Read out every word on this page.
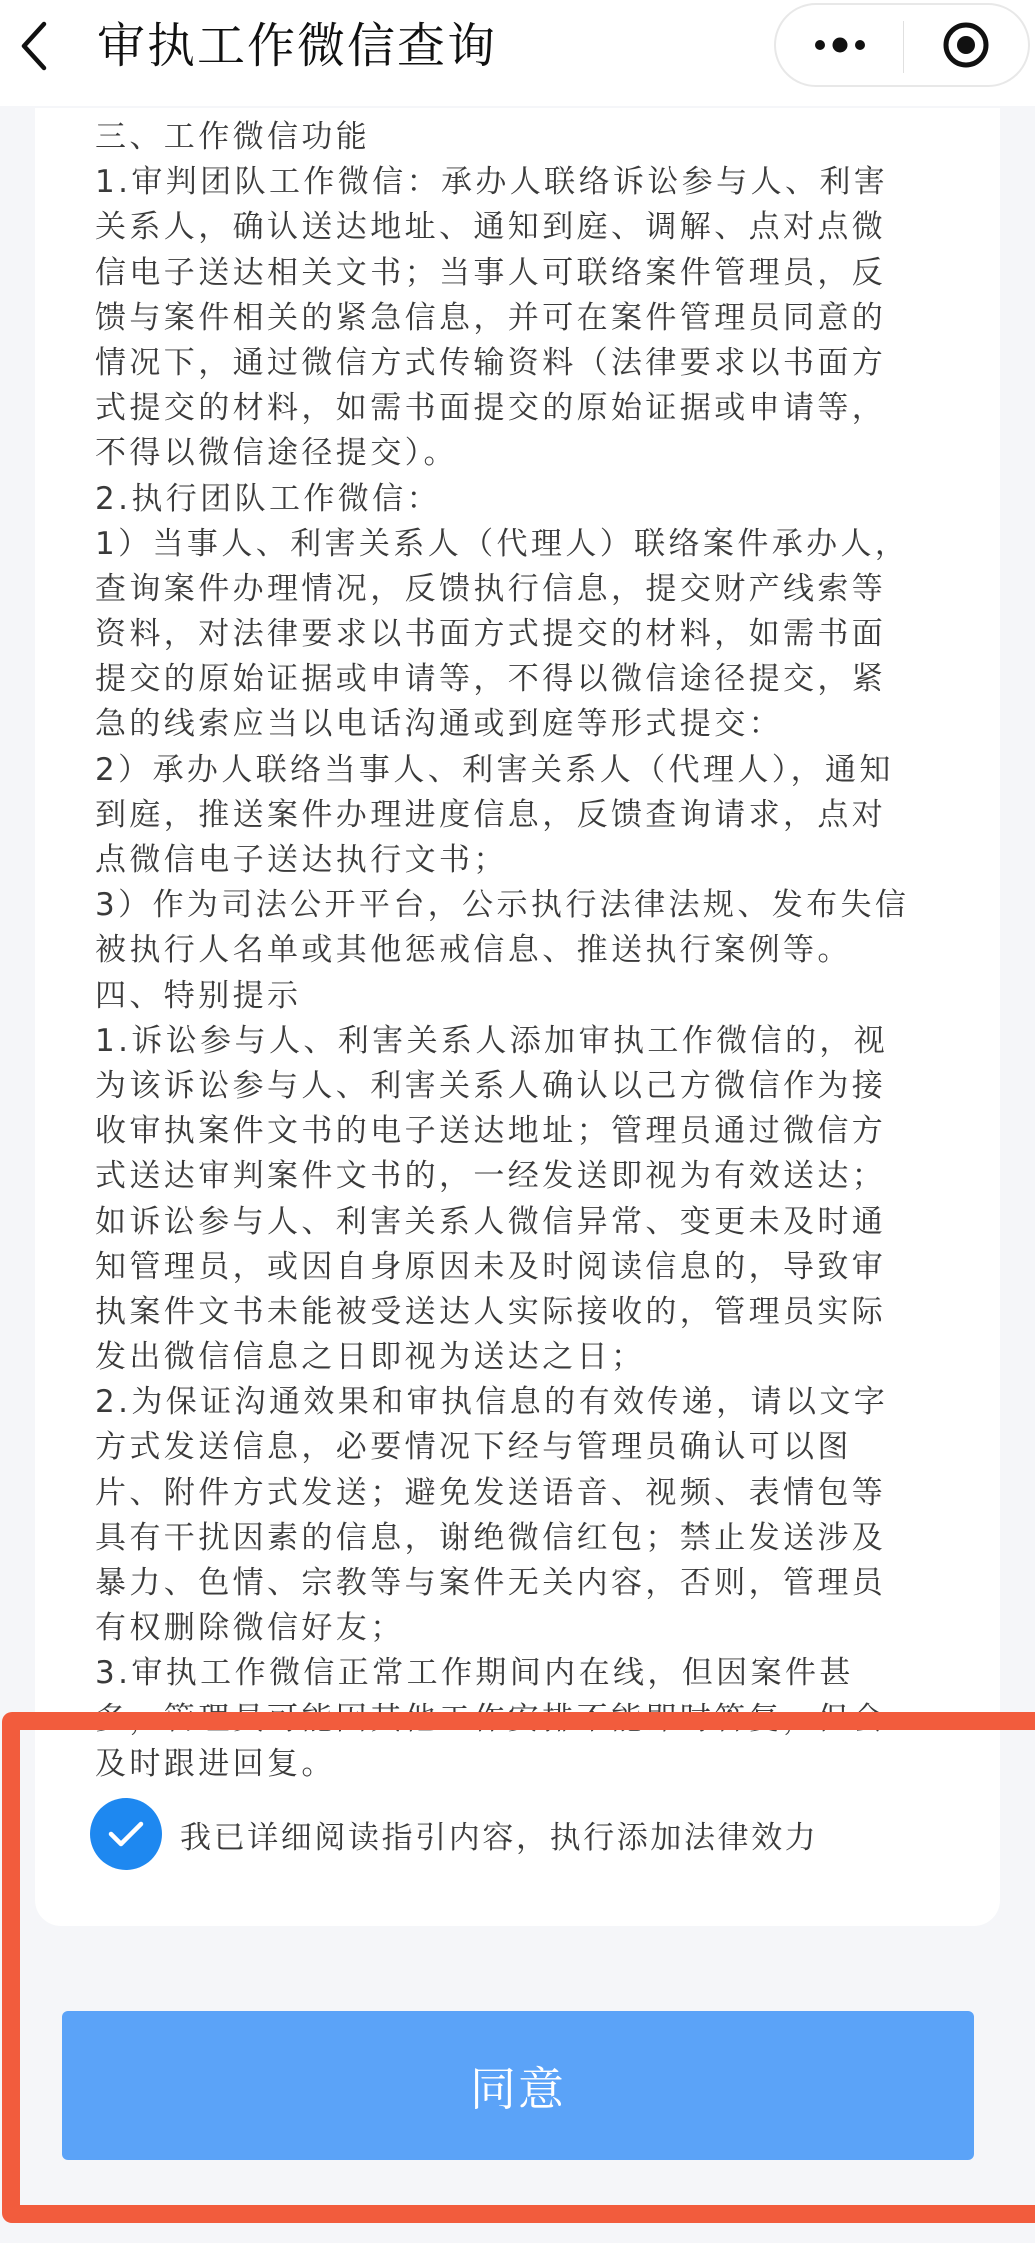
审执工作微信查询
三、工作微信功能
1.审判团队工作微信：承办人联络诉讼参与人、利害
关系人，确认送达地址、通知到庭、调解、点对点微
信电子送达相关文书；当事人可联络案件管理员，反
馈与案件相关的紧急信息，并可在案件管理员同意的
情况下，通过微信方式传输资料（法律要求以书面方
式提交的材料，如需书面提交的原始证据或申请等，
不得以微信途径提交）。
2.执行团队工作微信：
1）当事人、利害关系人（代理人）联络案件承办人，
查询案件办理情况，反馈执行信息，提交财产线索等
资料，对法律要求以书面方式提交的材料，如需书面
提交的原始证据或申请等，不得以微信途径提交，紧
急的线索应当以电话沟通或到庭等形式提交：
2）承办人联络当事人、利害关系人（代理人），通知
到庭，推送案件办理进度信息，反馈查询请求，点对
点微信电子送达执行文书；
3）作为司法公开平台，公示执行法律法规、发布失信
被执行人名单或其他惩戒信息、推送执行案例等。
四、特别提示
1.诉讼参与人、利害关系人添加审执工作微信的，视
为该诉讼参与人、利害关系人确认以己方微信作为接
收审执案件文书的电子送达地址；管理员通过微信方
式送达审判案件文书的，一经发送即视为有效送达；
如诉讼参与人、利害关系人微信异常、变更未及时通
知管理员，或因自身原因未及时阅读信息的，导致审
执案件文书未能被受送达人实际接收的，管理员实际
发出微信信息之日即视为送达之日；
2.为保证沟通效果和审执信息的有效传递，请以文字
方式发送信息，必要情况下经与管理员确认可以图
片、附件方式发送；避免发送语音、视频、表情包等
具有干扰因素的信息，谢绝微信红包；禁止发送涉及
暴力、色情、宗教等与案件无关内容，否则，管理员
有权删除微信好友；
3.审执工作微信正常工作期间内在线，但因案件甚
多，管理员可能因其他工作安排不能即时答复，但会
及时跟进回复。
我已详细阅读指引内容，执行添加法律效力
同意
